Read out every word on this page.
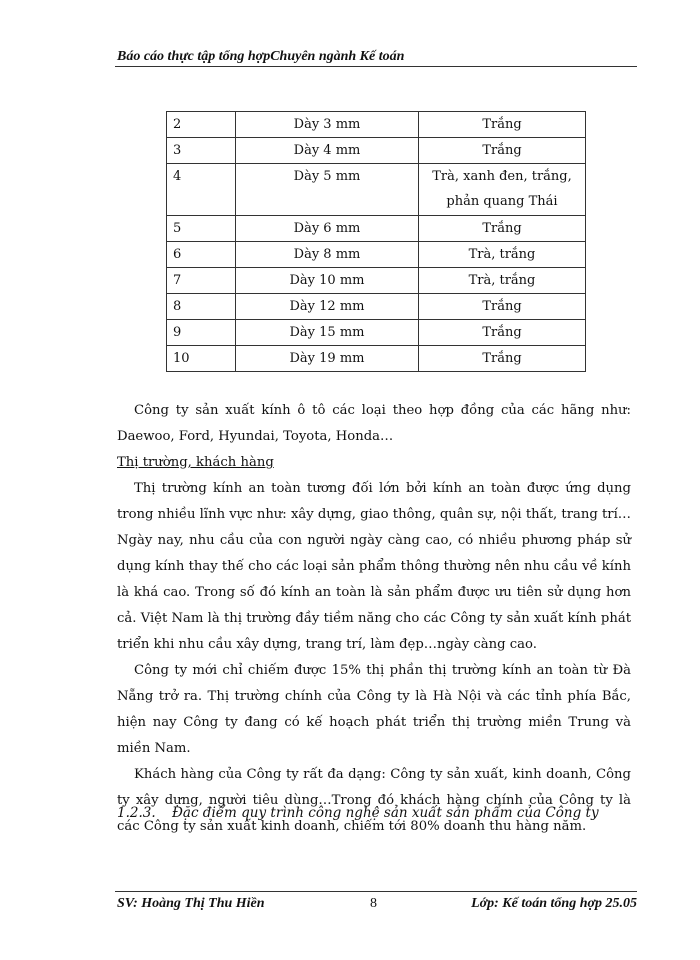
Báo cáo thực tập tổng hợpChuyên ngành Kế toán
2	Dày 3 mm	Trắng
3	Dày 4 mm	Trắng
4	Dày 5 mm	Trà, xanh đen, trắng, phản quang Thái
5	Dày 6 mm	Trắng
6	Dày 8 mm	Trà, trắng
7	Dày 10 mm	Trà, trắng
8	Dày 12 mm	Trắng
9	Dày 15 mm	Trắng
10	Dày 19 mm	Trắng

Công ty sản xuất kính ô tô các loại theo hợp đồng của các hãng như: Daewoo, Ford, Hyundai, Toyota, Honda…

Thị trường, khách hàng

Thị trường kính an toàn tương đối lớn bởi kính an toàn được ứng dụng trong nhiều lĩnh vực như: xây dựng, giao thông, quân sự, nội thất, trang trí…Ngày nay, nhu cầu của con người ngày càng cao, có nhiều phương pháp sử dụng kính thay thế cho các loại sản phẩm thông thường nên nhu cầu về kính là khá cao. Trong số đó kính an toàn là sản phẩm được ưu tiên sử dụng hơn cả. Việt Nam là thị trường đầy tiềm năng cho các Công ty sản xuất kính phát triển khi nhu cầu xây dựng, trang trí, làm đẹp…ngày càng cao.

Công ty mới chỉ chiếm được 15% thị phần thị trường kính an toàn từ Đà Nẵng trở ra. Thị trường chính của Công ty là Hà Nội và các tỉnh phía Bắc, hiện nay Công ty đang có kế hoạch phát triển thị trường miền Trung và miền Nam.

Khách hàng của Công ty rất đa dạng: Công ty sản xuất, kinh doanh, Công ty xây dựng, người tiêu dùng…Trong đó khách hàng chính của Công ty là các Công ty sản xuất kinh doanh, chiếm tới 80% doanh thu hàng năm.

1.2.3. Đặc điểm quy trình công nghệ sản xuất sản phẩm của Công ty
SV: Hoàng Thị Thu Hiền	8	Lớp: Kế toán tổng hợp 25.05
